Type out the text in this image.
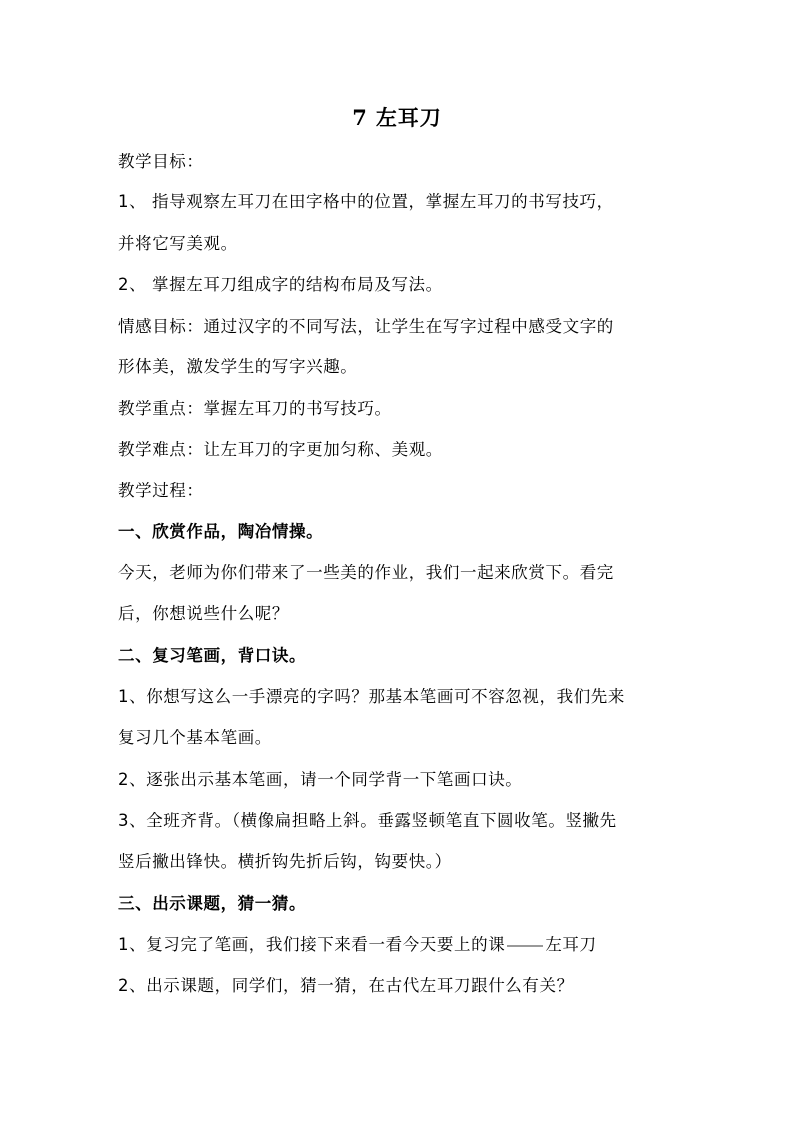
7 左耳刀
教学目标：
1、 指导观察左耳刀在田字格中的位置，掌握左耳刀的书写技巧，
并将它写美观。
2、 掌握左耳刀组成字的结构布局及写法。
情感目标：通过汉字的不同写法，让学生在写字过程中感受文字的
形体美，激发学生的写字兴趣。
教学重点：掌握左耳刀的书写技巧。
教学难点：让左耳刀的字更加匀称、美观。
教学过程：
一、欣赏作品，陶冶情操。
今天，老师为你们带来了一些美的作业，我们一起来欣赏下。看完
后，你想说些什么呢？
二、复习笔画，背口诀。
1、你想写这么一手漂亮的字吗？那基本笔画可不容忽视，我们先来
复习几个基本笔画。
2、逐张出示基本笔画，请一个同学背一下笔画口诀。
3、全班齐背。（横像扁担略上斜。垂露竖顿笔直下圆收笔。竖撇先
竖后撇出锋快。横折钩先折后钩，钩要快。）
三、出示课题，猜一猜。
1、复习完了笔画，我们接下来看一看今天要上的课 左耳刀
2、出示课题，同学们，猜一猜，在古代左耳刀跟什么有关？
